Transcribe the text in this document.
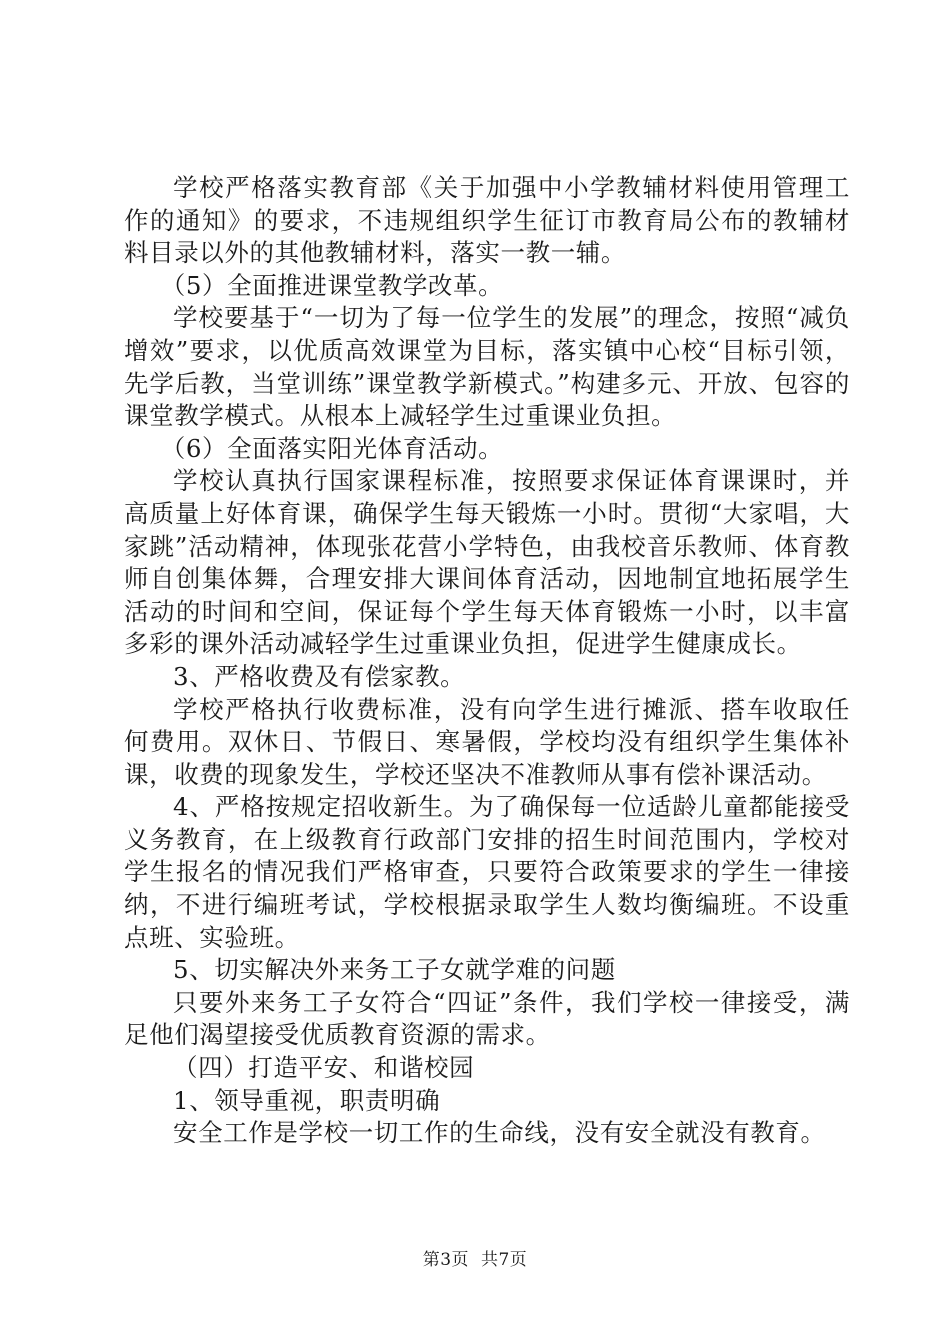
学校严格落实教育部《关于加强中小学教辅材料使用管理工作的通知》的要求，不违规组织学生征订市教育局公布的教辅材料目录以外的其他教辅材料，落实一教一辅。

（5）全面推进课堂教学改革。

学校要基于“一切为了每一位学生的发展”的理念，按照“减负增效”要求，以优质高效课堂为目标，落实镇中心校“目标引领，先学后教，当堂训练”课堂教学新模式。”构建多元、开放、包容的课堂教学模式。从根本上减轻学生过重课业负担。

（6）全面落实阳光体育活动。

学校认真执行国家课程标准，按照要求保证体育课课时，并高质量上好体育课，确保学生每天锻炼一小时。贯彻“大家唱，大家跳”活动精神，体现张花营小学特色，由我校音乐教师、体育教师自创集体舞，合理安排大课间体育活动，因地制宜地拓展学生活动的时间和空间，保证每个学生每天体育锻炼一小时，以丰富多彩的课外活动减轻学生过重课业负担，促进学生健康成长。

3、严格收费及有偿家教。

学校严格执行收费标准，没有向学生进行摊派、搭车收取任何费用。双休日、节假日、寒暑假，学校均没有组织学生集体补课，收费的现象发生，学校还坚决不准教师从事有偿补课活动。

4、严格按规定招收新生。为了确保每一位适龄儿童都能接受义务教育，在上级教育行政部门安排的招生时间范围内，学校对学生报名的情况我们严格审查，只要符合政策要求的学生一律接纳，不进行编班考试，学校根据录取学生人数均衡编班。不设重点班、实验班。

5、切实解决外来务工子女就学难的问题

只要外来务工子女符合“四证”条件，我们学校一律接受，满足他们渴望接受优质教育资源的需求。

（四）打造平安、和谐校园

1、领导重视，职责明确

安全工作是学校一切工作的生命线，没有安全就没有教育。

第3页 共7页
